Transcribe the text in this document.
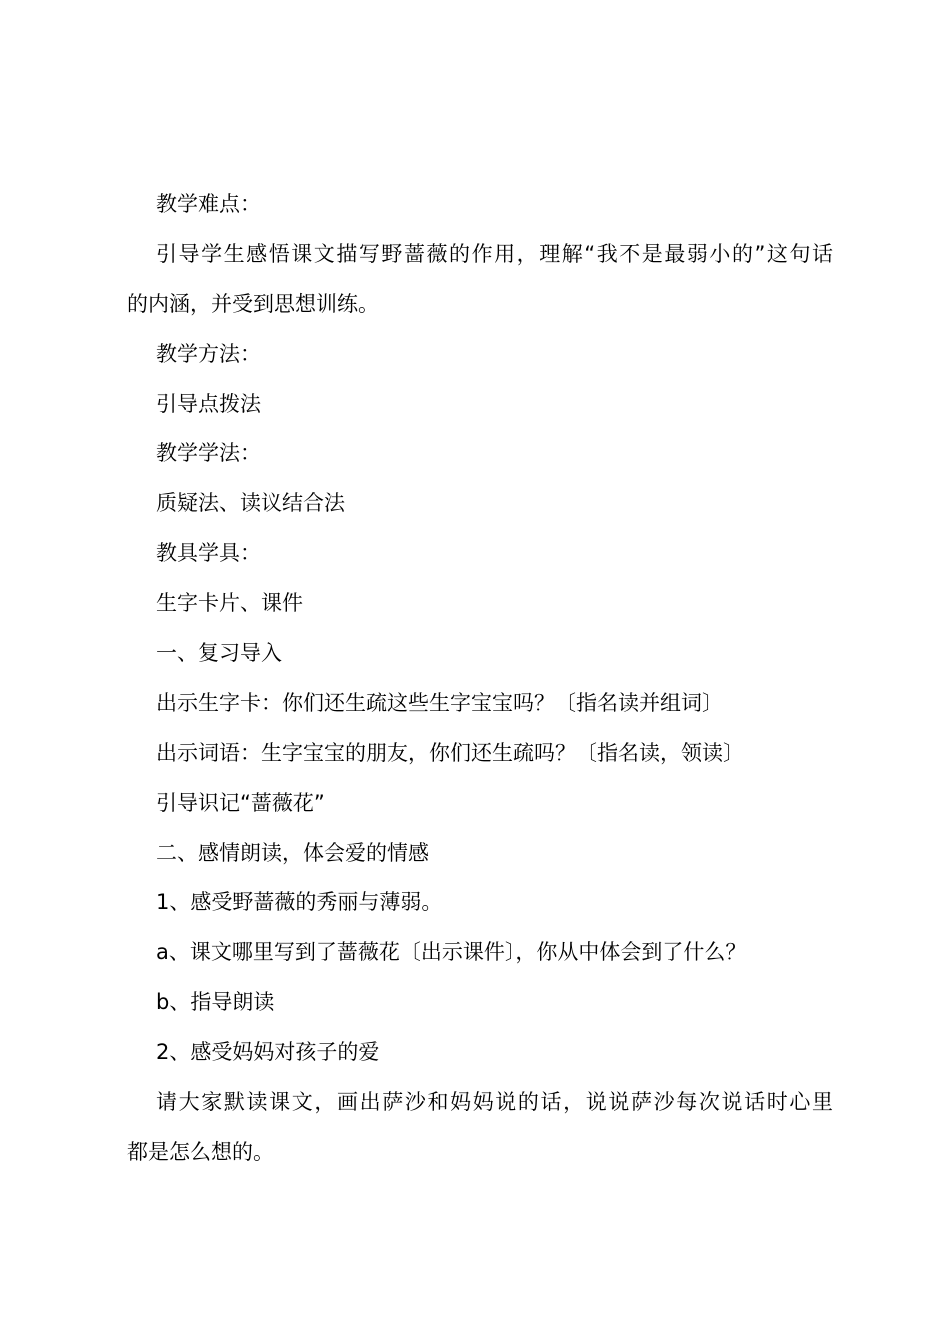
教学难点：

引导学生感悟课文描写野蔷薇的作用，理解“我不是最弱小的”这句话

的内涵，并受到思想训练。

教学方法：

引导点拨法

教学学法：

质疑法、读议结合法

教具学具：

生字卡片、课件

一、复习导入

出示生字卡：你们还生疏这些生字宝宝吗？〔指名读并组词〕

出示词语：生字宝宝的朋友，你们还生疏吗？〔指名读，领读〕

引导识记“蔷薇花”

二、感情朗读，体会爱的情感

1、感受野蔷薇的秀丽与薄弱。

a、课文哪里写到了蔷薇花〔出示课件〕，你从中体会到了什么？

b、指导朗读

2、感受妈妈对孩子的爱

请大家默读课文，画出萨沙和妈妈说的话，说说萨沙每次说话时心里

都是怎么想的。
